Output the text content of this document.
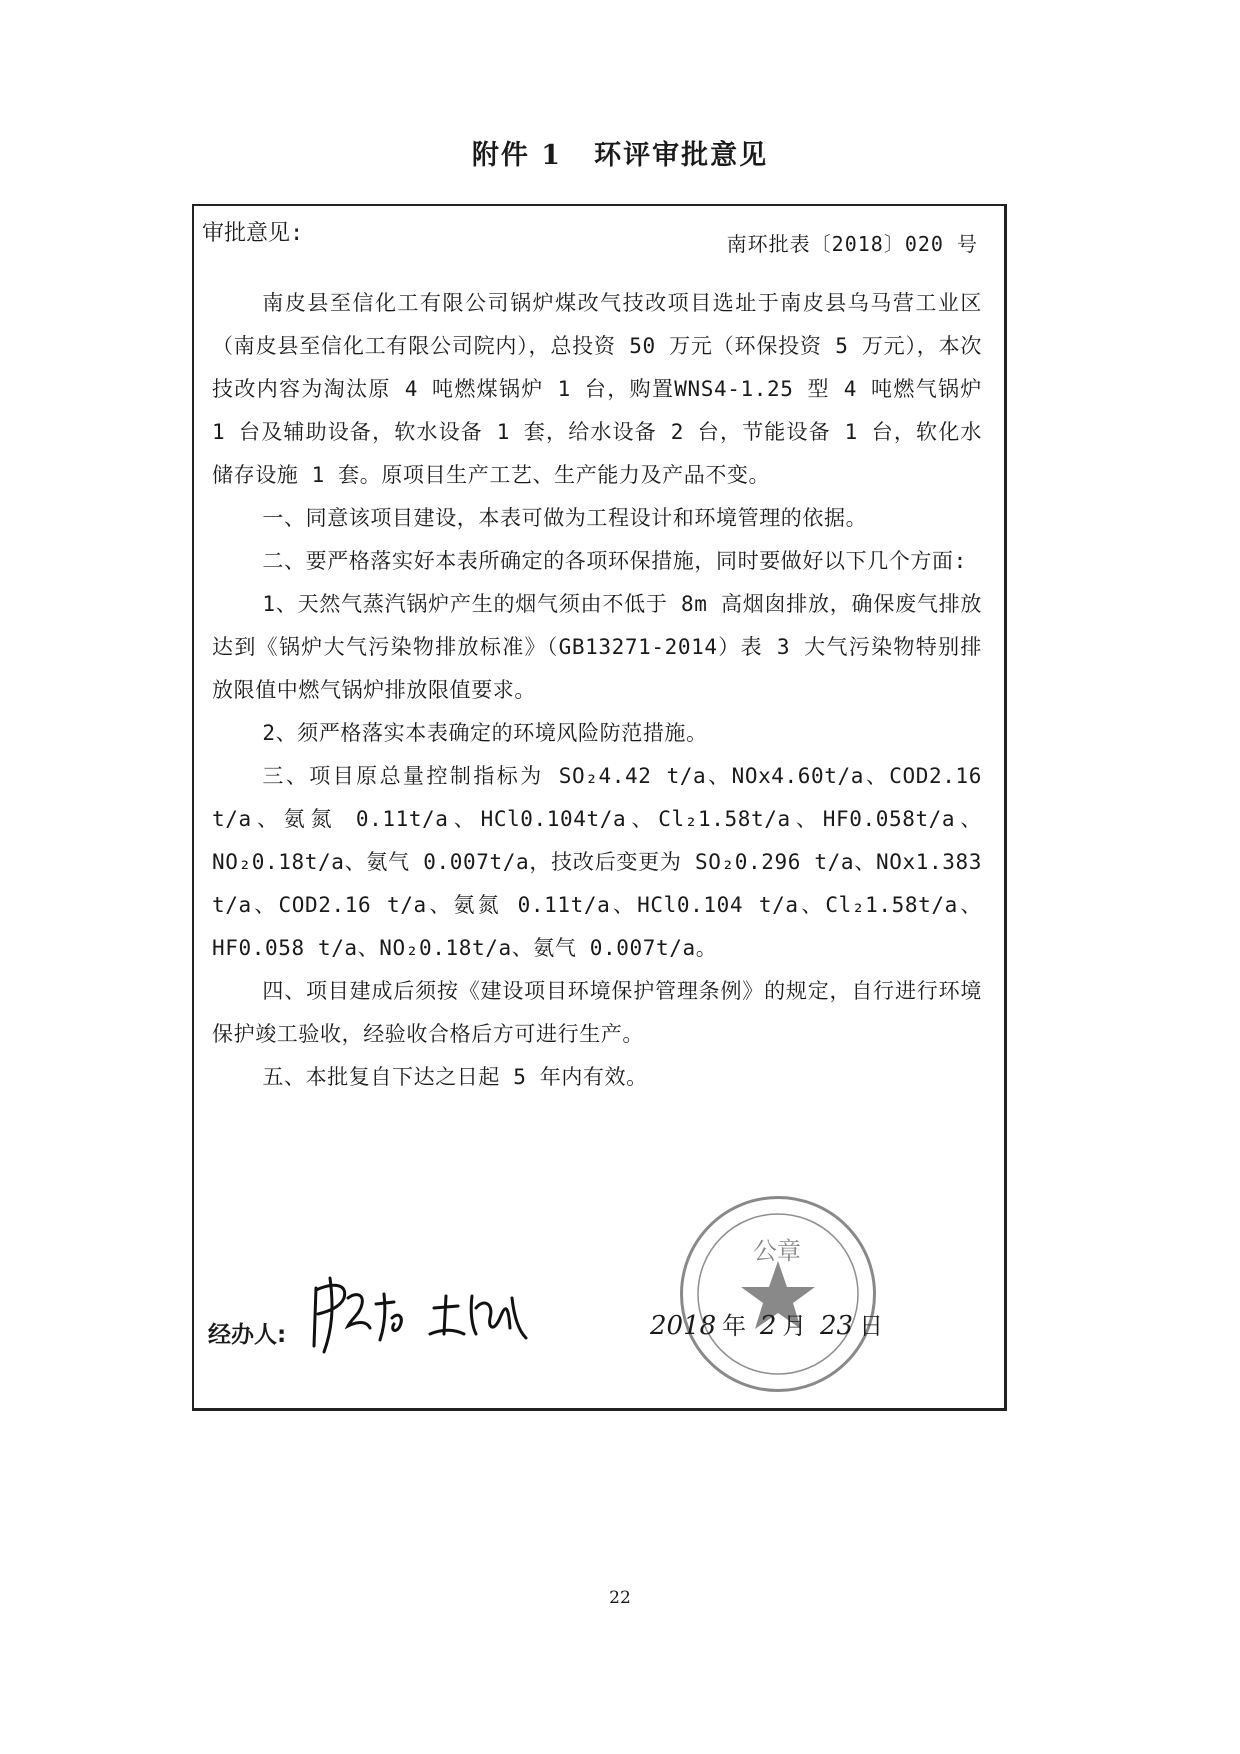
附件 1 环评审批意见
审批意见:	南环批表〔2018〕020 号

南皮县至信化工有限公司锅炉煤改气技改项目选址于南皮县乌马营工业区（南皮县至信化工有限公司院内），总投资 50 万元（环保投资 5 万元），本次技改内容为淘汰原 4 吨燃煤锅炉 1 台，购置WNS4-1.25 型 4 吨燃气锅炉 1 台及辅助设备，软水设备 1 套，给水设备 2 台，节能设备 1 台，软化水储存设施 1 套。原项目生产工艺、生产能力及产品不变。

一、同意该项目建设，本表可做为工程设计和环境管理的依据。

二、要严格落实好本表所确定的各项环保措施，同时要做好以下几个方面:

1、天然气蒸汽锅炉产生的烟气须由不低于 8m 高烟囱排放，确保废气排放达到《锅炉大气污染物排放标准》（GB13271-2014）表 3 大气污染物特别排放限值中燃气锅炉排放限值要求。

2、须严格落实本表确定的环境风险防范措施。

三、项目原总量控制指标为 SO₂4.42 t/a、NOx4.60t/a、COD2.16 t/a、氨氮 0.11t/a、HCl0.104t/a、Cl₂1.58t/a、HF0.058t/a、NO₂0.18t/a、氨气 0.007t/a，技改后变更为 SO₂0.296 t/a、NOx1.383 t/a、COD2.16 t/a、氨氮 0.11t/a、HCl0.104 t/a、Cl₂1.58t/a、HF0.058 t/a、NO₂0.18t/a、氨气 0.007t/a。

四、项目建成后须按《建设项目环境保护管理条例》的规定，自行进行环境保护竣工验收，经验收合格后方可进行生产。

五、本批复自下达之日起 5 年内有效。

公章
经办人:	2018 年 2 月 23 日
22
